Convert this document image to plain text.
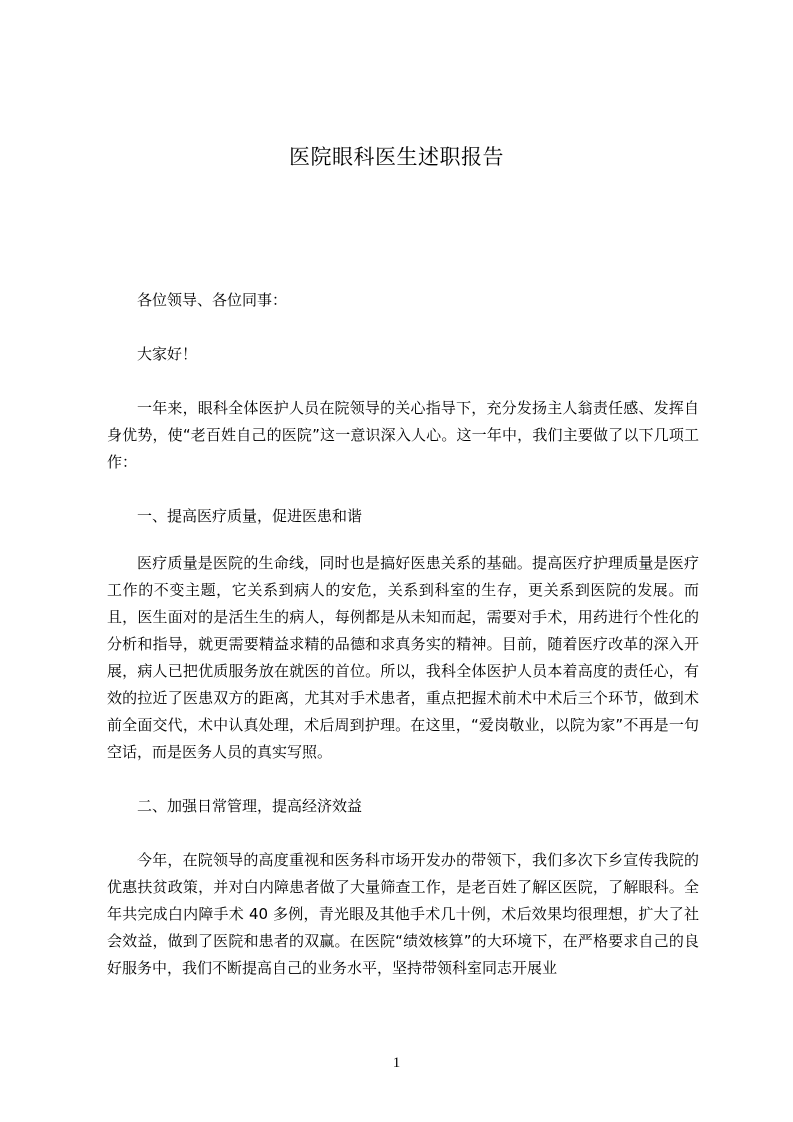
医院眼科医生述职报告
各位领导、各位同事：
大家好！
一年来，眼科全体医护人员在院领导的关心指导下，充分发扬主人翁责任感、发挥自身优势，使“老百姓自己的医院”这一意识深入人心。这一年中，我们主要做了以下几项工作：
一、提高医疗质量，促进医患和谐
医疗质量是医院的生命线，同时也是搞好医患关系的基础。提高医疗护理质量是医疗工作的不变主题，它关系到病人的安危，关系到科室的生存，更关系到医院的发展。而且，医生面对的是活生生的病人，每例都是从未知而起，需要对手术，用药进行个性化的分析和指导，就更需要精益求精的品德和求真务实的精神。目前，随着医疗改革的深入开展，病人已把优质服务放在就医的首位。所以，我科全体医护人员本着高度的责任心，有效的拉近了医患双方的距离，尤其对手术患者，重点把握术前术中术后三个环节，做到术前全面交代，术中认真处理，术后周到护理。在这里，“爱岗敬业，以院为家”不再是一句空话，而是医务人员的真实写照。
二、加强日常管理，提高经济效益
今年，在院领导的高度重视和医务科市场开发办的带领下，我们多次下乡宣传我院的优惠扶贫政策，并对白内障患者做了大量筛查工作，是老百姓了解区医院，了解眼科。全年共完成白内障手术 40 多例，青光眼及其他手术几十例，术后效果均很理想，扩大了社会效益，做到了医院和患者的双赢。在医院“绩效核算”的大环境下，在严格要求自己的良好服务中，我们不断提高自己的业务水平，坚持带领科室同志开展业
1
